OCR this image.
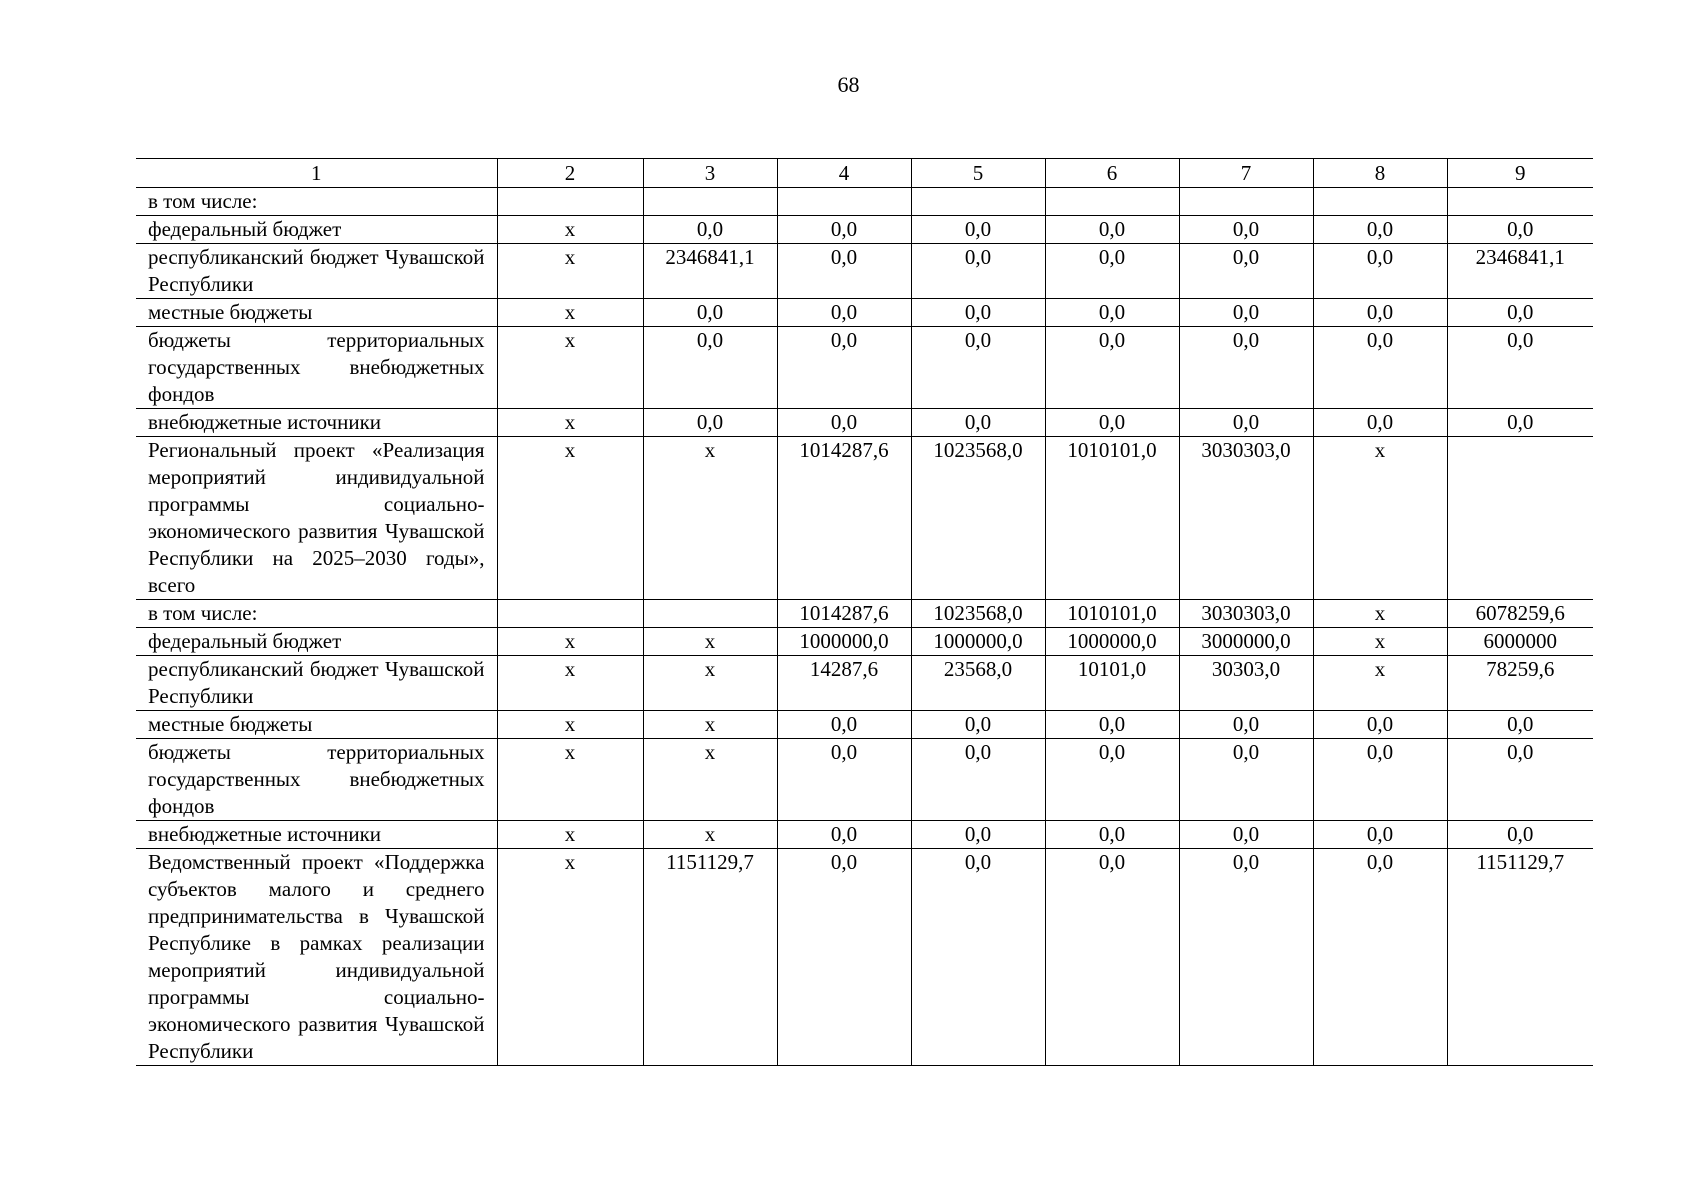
68
1	2	3	4	5	6	7	8	9
в том числе:								
федеральный бюджет	х	0,0	0,0	0,0	0,0	0,0	0,0	0,0
республиканский бюджет Чувашской Республики	х	2346841,1	0,0	0,0	0,0	0,0	0,0	2346841,1
местные бюджеты	х	0,0	0,0	0,0	0,0	0,0	0,0	0,0
бюджеты территориальных государственных внебюджетных фондов	х	0,0	0,0	0,0	0,0	0,0	0,0	0,0
внебюджетные источники	х	0,0	0,0	0,0	0,0	0,0	0,0	0,0
Региональный проект «Реализация мероприятий индивидуальной программы социально-экономического развития Чувашской Республики на 2025–2030 годы», всего	х	х	1014287,6	1023568,0	1010101,0	3030303,0	х	
в том числе:			1014287,6	1023568,0	1010101,0	3030303,0	х	6078259,6
федеральный бюджет	х	х	1000000,0	1000000,0	1000000,0	3000000,0	х	6000000
республиканский бюджет Чувашской Республики	х	х	14287,6	23568,0	10101,0	30303,0	х	78259,6
местные бюджеты	х	х	0,0	0,0	0,0	0,0	0,0	0,0
бюджеты территориальных государственных внебюджетных фондов	х	х	0,0	0,0	0,0	0,0	0,0	0,0
внебюджетные источники	х	х	0,0	0,0	0,0	0,0	0,0	0,0
Ведомственный проект «Поддержка субъектов малого и среднего предпринимательства в Чувашской Республике в рамках реализации мероприятий индивидуальной программы социально-экономического развития Чувашской Республики	х	1151129,7	0,0	0,0	0,0	0,0	0,0	1151129,7
